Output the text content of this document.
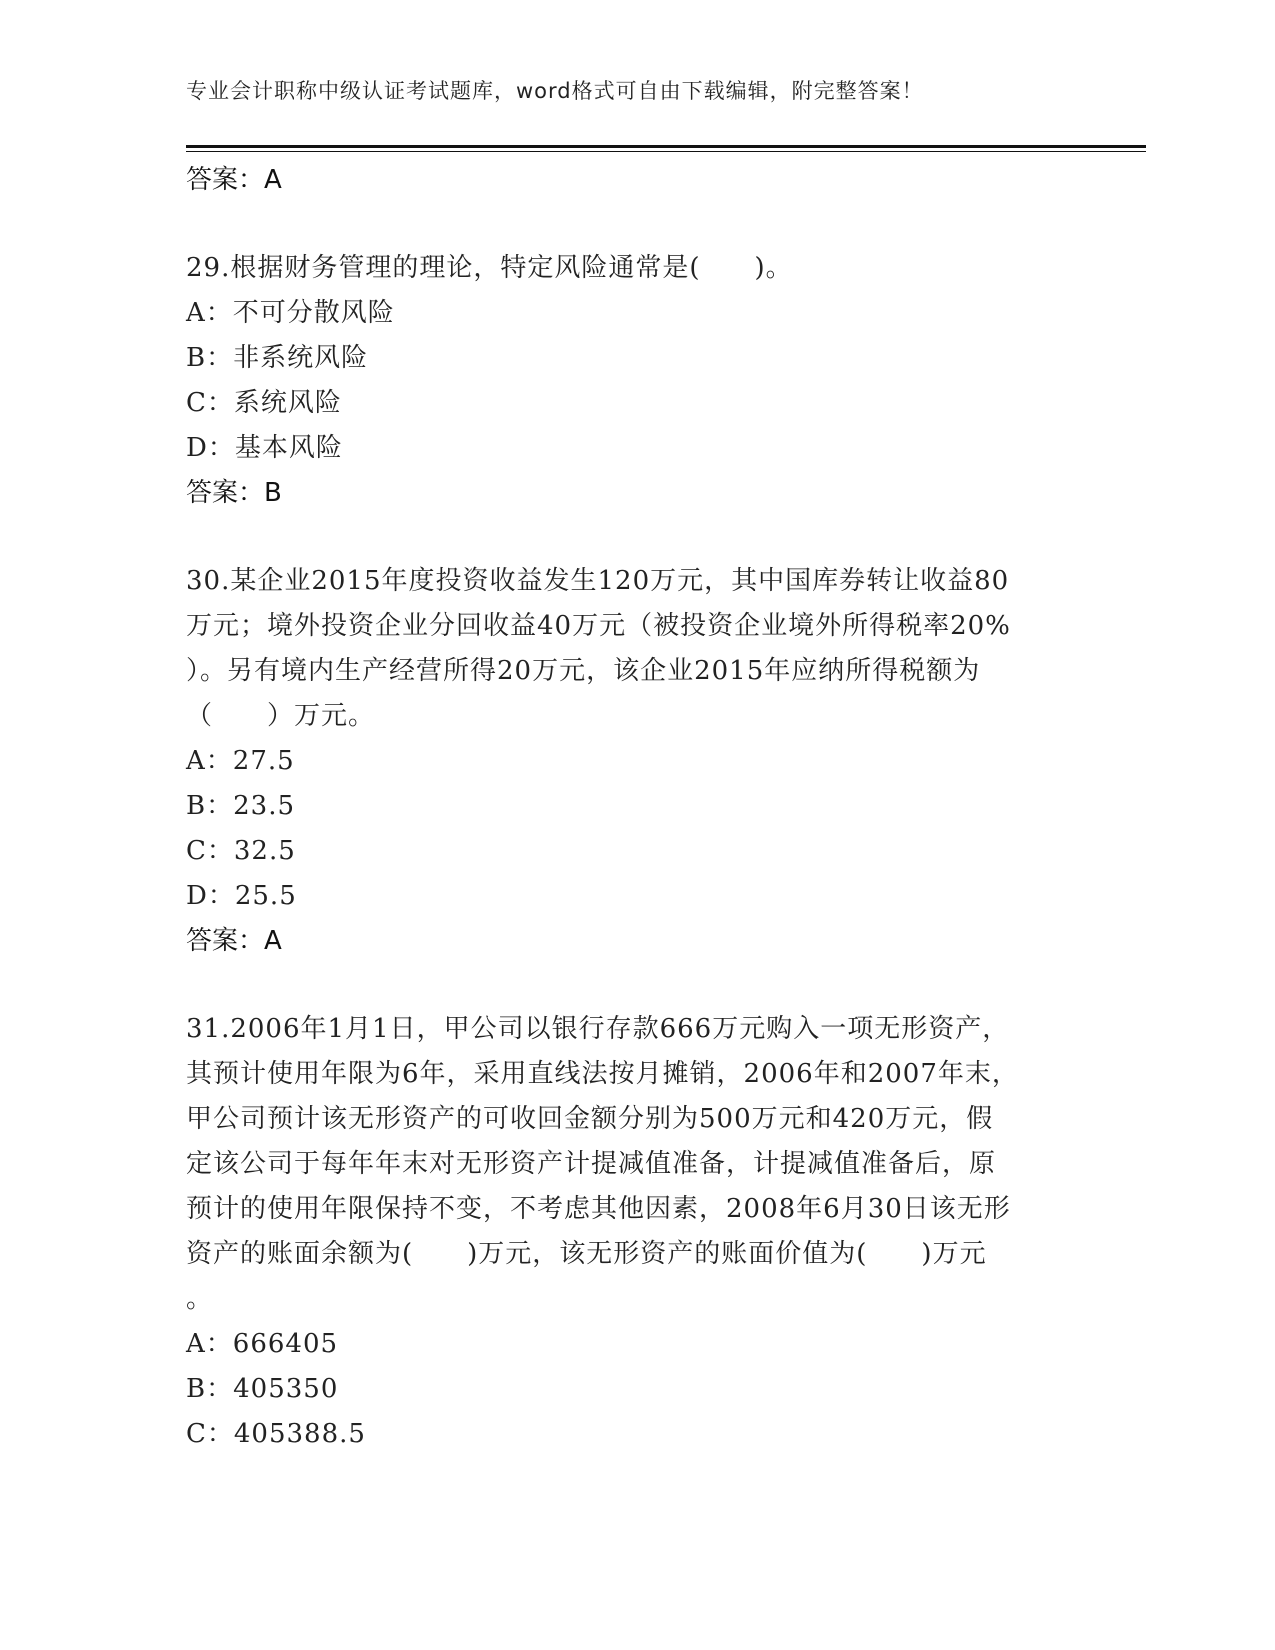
专业会计职称中级认证考试题库，word格式可自由下载编辑，附完整答案！
答案：A
29.根据财务管理的理论，特定风险通常是(　　)。
A：不可分散风险
B：非系统风险
C：系统风险
D：基本风险
答案：B
30.某企业2015年度投资收益发生120万元，其中国库券转让收益80
万元；境外投资企业分回收益40万元（被投资企业境外所得税率20%
）。另有境内生产经营所得20万元，该企业2015年应纳所得税额为
（　　）万元。
A：27.5
B：23.5
C：32.5
D：25.5
答案：A
31.2006年1月1日，甲公司以银行存款666万元购入一项无形资产，
其预计使用年限为6年，采用直线法按月摊销，2006年和2007年末，
甲公司预计该无形资产的可收回金额分别为500万元和420万元，假
定该公司于每年年末对无形资产计提减值准备，计提减值准备后，原
预计的使用年限保持不变，不考虑其他因素，2008年6月30日该无形
资产的账面余额为(　　)万元，该无形资产的账面价值为(　　)万元
。
A：666405
B：405350
C：405388.5
